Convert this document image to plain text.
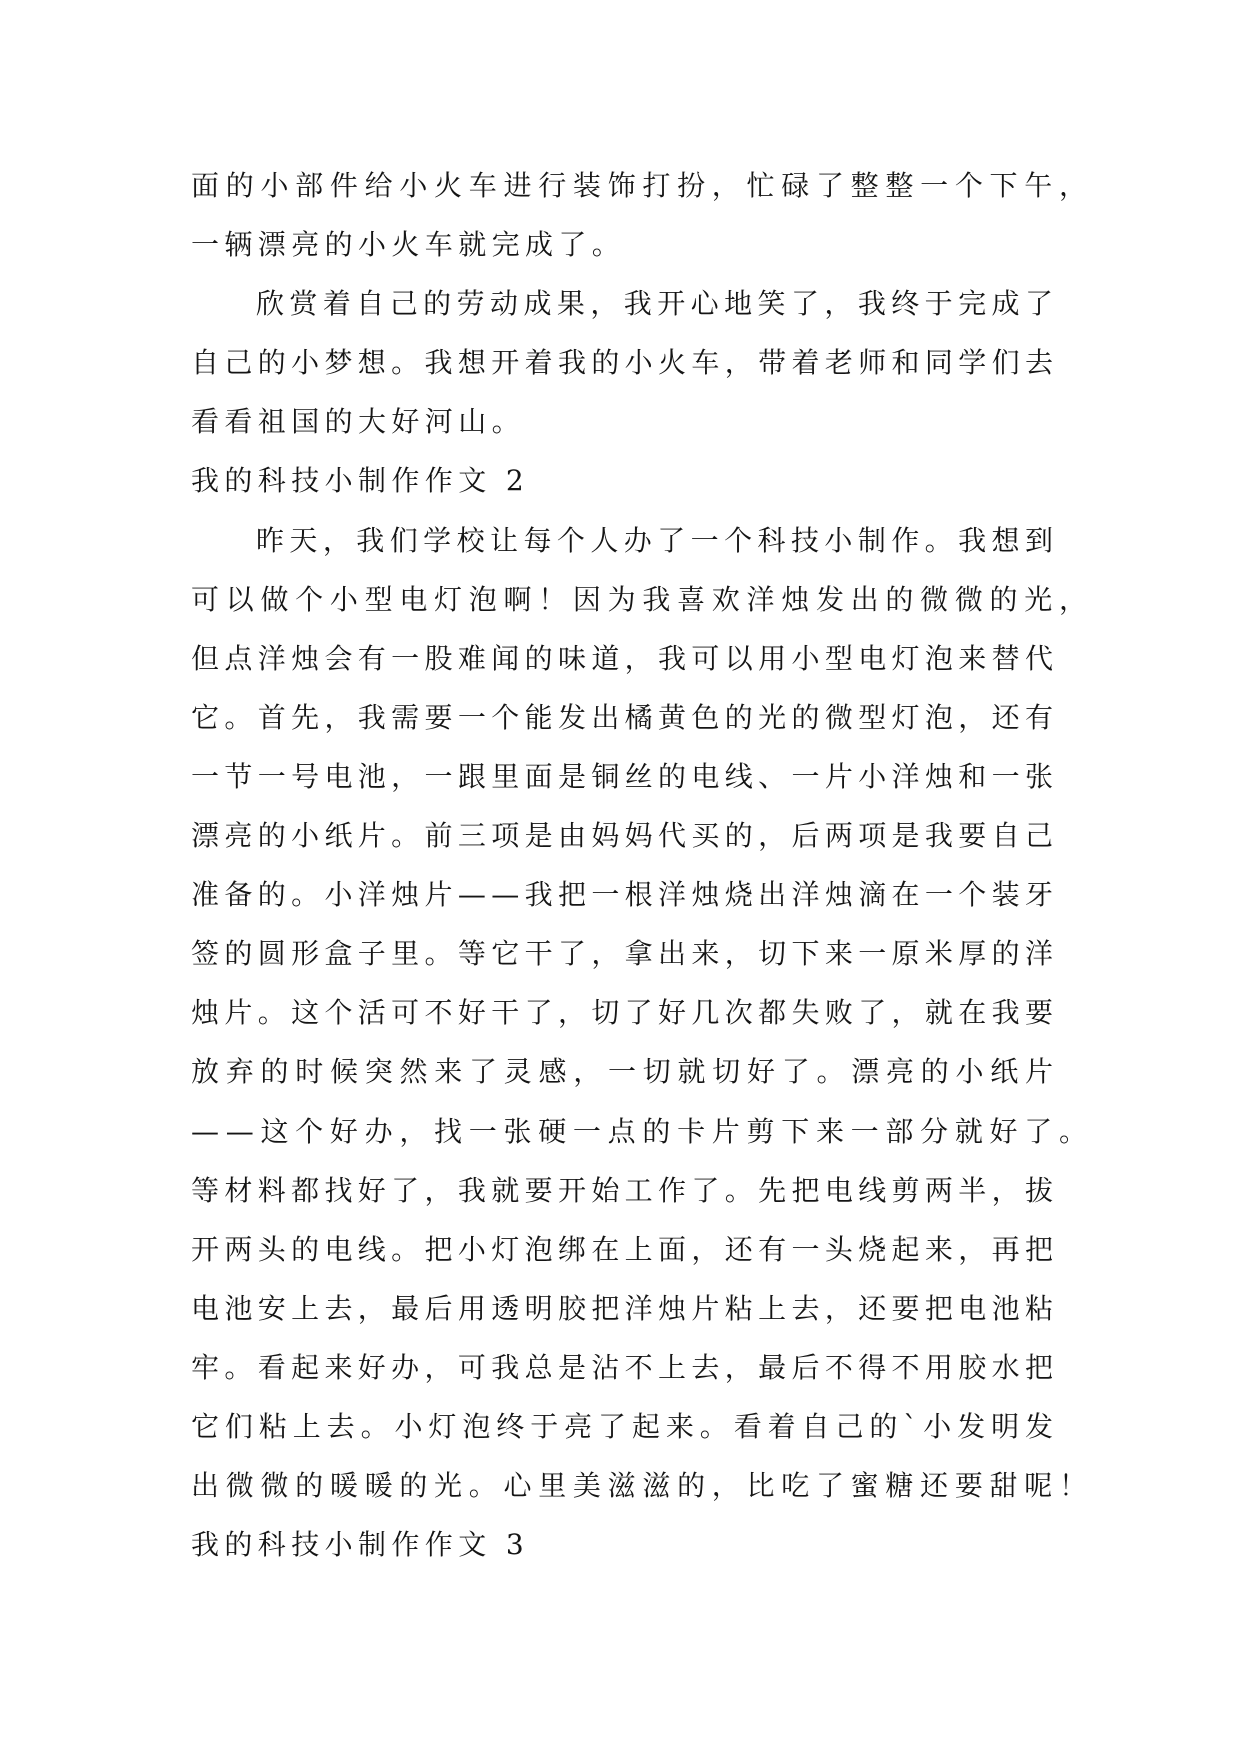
面的小部件给小火车进行装饰打扮，忙碌了整整一个下午，
一辆漂亮的小火车就完成了。
欣赏着自己的劳动成果，我开心地笑了，我终于完成了
自己的小梦想。我想开着我的小火车，带着老师和同学们去
看看祖国的大好河山。
我的科技小制作作文 2
昨天，我们学校让每个人办了一个科技小制作。我想到
可以做个小型电灯泡啊！因为我喜欢洋烛发出的微微的光，
但点洋烛会有一股难闻的味道，我可以用小型电灯泡来替代
它。首先，我需要一个能发出橘黄色的光的微型灯泡，还有
一节一号电池，一跟里面是铜丝的电线、一片小洋烛和一张
漂亮的小纸片。前三项是由妈妈代买的，后两项是我要自己
准备的。小洋烛片——我把一根洋烛烧出洋烛滴在一个装牙
签的圆形盒子里。等它干了，拿出来，切下来一原米厚的洋
烛片。这个活可不好干了，切了好几次都失败了，就在我要
放弃的时候突然来了灵感，一切就切好了。漂亮的小纸片
——这个好办，找一张硬一点的卡片剪下来一部分就好了。
等材料都找好了，我就要开始工作了。先把电线剪两半，拔
开两头的电线。把小灯泡绑在上面，还有一头烧起来，再把
电池安上去，最后用透明胶把洋烛片粘上去，还要把电池粘
牢。看起来好办，可我总是沾不上去，最后不得不用胶水把
它们粘上去。小灯泡终于亮了起来。看着自己的`小发明发
出微微的暖暖的光。心里美滋滋的，比吃了蜜糖还要甜呢！
我的科技小制作作文 3
